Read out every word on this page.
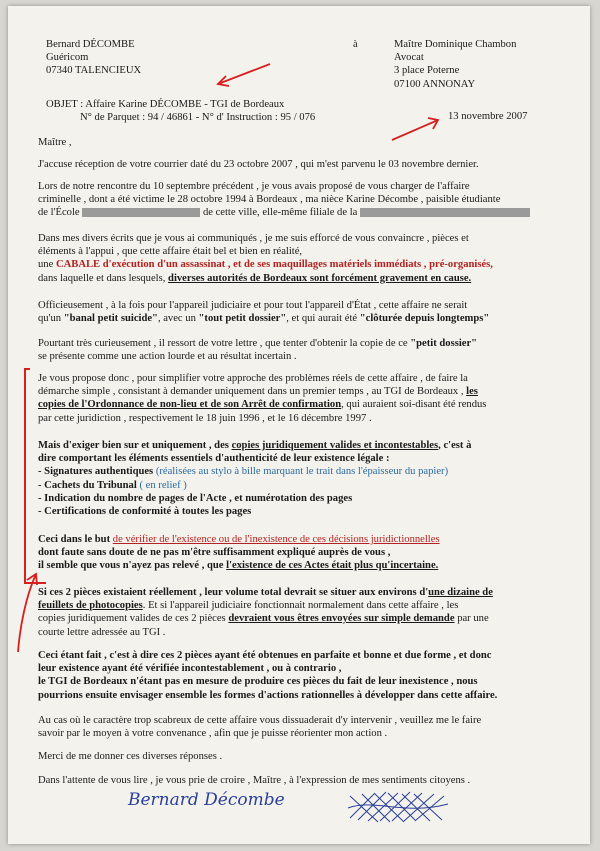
Bernard DÉCOMBE
Guéricom
07340 TALENCIEUX
à	Maître Dominique Chambon
Avocat
3 place Poterne
07100 ANNONAY
OBJET : Affaire Karine DÉCOMBE - TGI de Bordeaux
N° de Parquet : 94 / 46861 - N° d' Instruction : 95 / 076	13 novembre 2007
Maître ,
J'accuse réception de votre courrier daté du 23 octobre 2007 , qui m'est parvenu le 03 novembre dernier.
Lors de notre rencontre du 10 septembre précédent , je vous avais proposé de vous charger de l'affaire
criminelle , dont a été victime le 28 octobre 1994 à Bordeaux , ma nièce Karine Décombe , paisible étudiante
de l'École	de cette ville, elle-même filiale de la
Dans mes divers écrits que je vous ai communiqués , je me suis efforcé de vous convaincre , pièces et
éléments à l'appui , que cette affaire était bel et bien en réalité,
une CABALE d'exécution d'un assassinat , et de ses maquillages matériels immédiats , pré-organisés,
dans laquelle et dans lesquels, diverses autorités de Bordeaux sont forcément gravement en cause.
Officieusement , à la fois pour l'appareil judiciaire et pour tout l'appareil d'État , cette affaire ne serait
qu'un "banal petit suicide", avec un "tout petit dossier", et qui aurait été "clôturée depuis longtemps"
Pourtant très curieusement , il ressort de votre lettre , que tenter d'obtenir la copie de ce "petit dossier"
se présente comme une action lourde et au résultat incertain .
Je vous propose donc , pour simplifier votre approche des problèmes réels de cette affaire , de faire la
démarche simple , consistant à demander uniquement dans un premier temps , au TGI de Bordeaux , les
copies de l'Ordonnance de non-lieu et de son Arrêt de confirmation, qui auraient soi-disant été rendus
par cette juridiction , respectivement le 18 juin 1996 , et le 16 décembre 1997 .
Mais d'exiger bien sur et uniquement , des copies juridiquement valides et incontestables, c'est à
dire comportant les éléments essentiels d'authenticité de leur existence légale :
- Signatures authentiques (réalisées au stylo à bille marquant le trait dans l'épaisseur du papier)
- Cachets du Tribunal ( en relief )
- Indication du nombre de pages de l'Acte , et numérotation des pages
- Certifications de conformité à toutes les pages
Ceci dans le but de vérifier de l'existence ou de l'inexistence de ces décisions juridictionnelles
dont faute sans doute de ne pas m'être suffisamment expliqué auprès de vous ,
il semble que vous n'ayez pas relevé , que l'existence de ces Actes était plus qu'incertaine.
Si ces 2 pièces existaient réellement , leur volume total devrait se situer aux environs d'une dizaine de
feuillets de photocopies. Et si l'appareil judiciaire fonctionnait normalement dans cette affaire , les
copies juridiquement valides de ces 2 pièces devraient vous êtres envoyées sur simple demande par une
courte lettre adressée au TGI .
Ceci étant fait , c'est à dire ces 2 pièces ayant été obtenues en parfaite et bonne et due forme , et donc
leur existence ayant été vérifiée incontestablement , ou à contrario ,
le TGI de Bordeaux n'étant pas en mesure de produire ces pièces du fait de leur inexistence , nous
pourrions ensuite envisager ensemble les formes d'actions rationnelles à développer dans cette affaire.
Au cas où le caractère trop scabreux de cette affaire vous dissuaderait d'y intervenir , veuillez me le faire
savoir par le moyen à votre convenance , afin que je puisse réorienter mon action .
Merci de me donner ces diverses réponses .
Dans l'attente de vous lire , je vous prie de croire , Maître , à l'expression de mes sentiments citoyens .
Bernard Décombe
